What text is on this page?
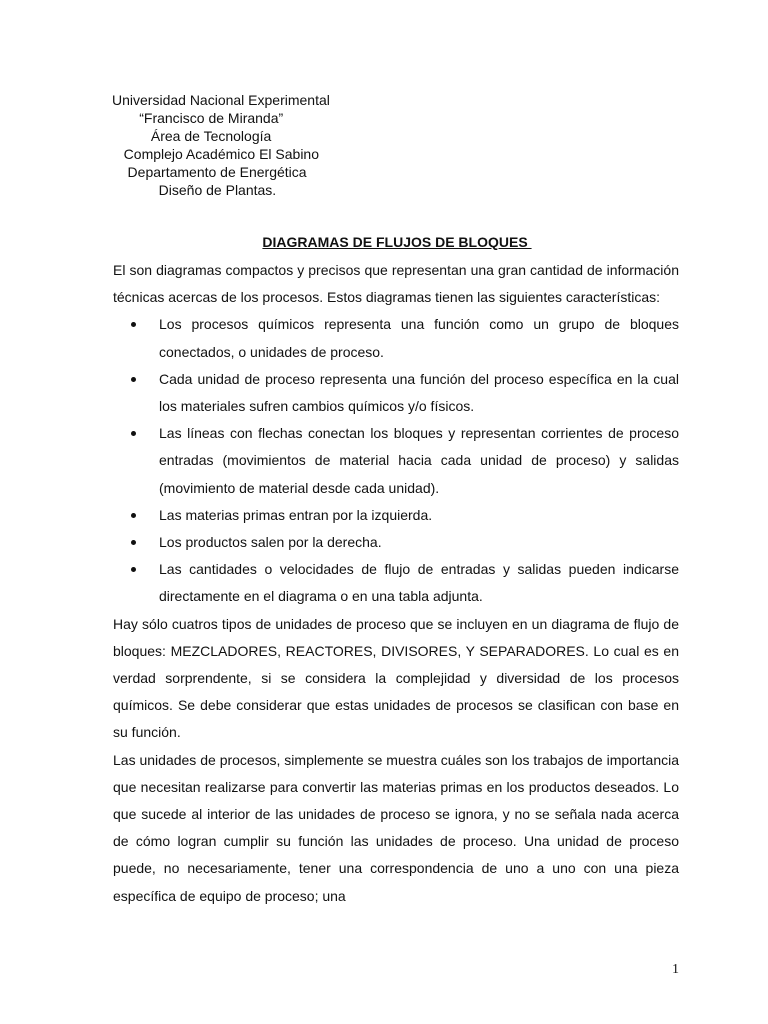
Universidad Nacional Experimental
“Francisco de Miranda”
Área de Tecnología
Complejo Académico El Sabino
Departamento de Energética
Diseño de Plantas.
DIAGRAMAS DE FLUJOS DE BLOQUES

El son diagramas compactos y precisos que representan una gran cantidad de información técnicas acercas de los procesos. Estos diagramas tienen las siguientes características:

Los procesos químicos representa una función como un grupo de bloques conectados, o unidades de proceso.
Cada unidad de proceso representa una función del proceso específica en la cual los materiales sufren cambios químicos y/o físicos.
Las líneas con flechas conectan los bloques y representan corrientes de proceso entradas (movimientos de material hacia cada unidad de proceso) y salidas (movimiento de material desde cada unidad).
Las materias primas entran por la izquierda.
Los productos salen por la derecha.
Las cantidades o velocidades de flujo de entradas y salidas pueden indicarse directamente en el diagrama o en una tabla adjunta.

Hay sólo cuatros tipos de unidades de proceso que se incluyen en un diagrama de flujo de bloques: MEZCLADORES, REACTORES, DIVISORES, Y SEPARADORES. Lo cual es en verdad sorprendente, si se considera la complejidad y diversidad de los procesos químicos. Se debe considerar que estas unidades de procesos se clasifican con base en su función.

Las unidades de procesos, simplemente se muestra cuáles son los trabajos de importancia que necesitan realizarse para convertir las materias primas en los productos deseados. Lo que sucede al interior de las unidades de proceso se ignora, y no se señala nada acerca de cómo logran cumplir su función las unidades de proceso. Una unidad de proceso puede, no necesariamente, tener una correspondencia de uno a uno con una pieza específica de equipo de proceso; una

1
